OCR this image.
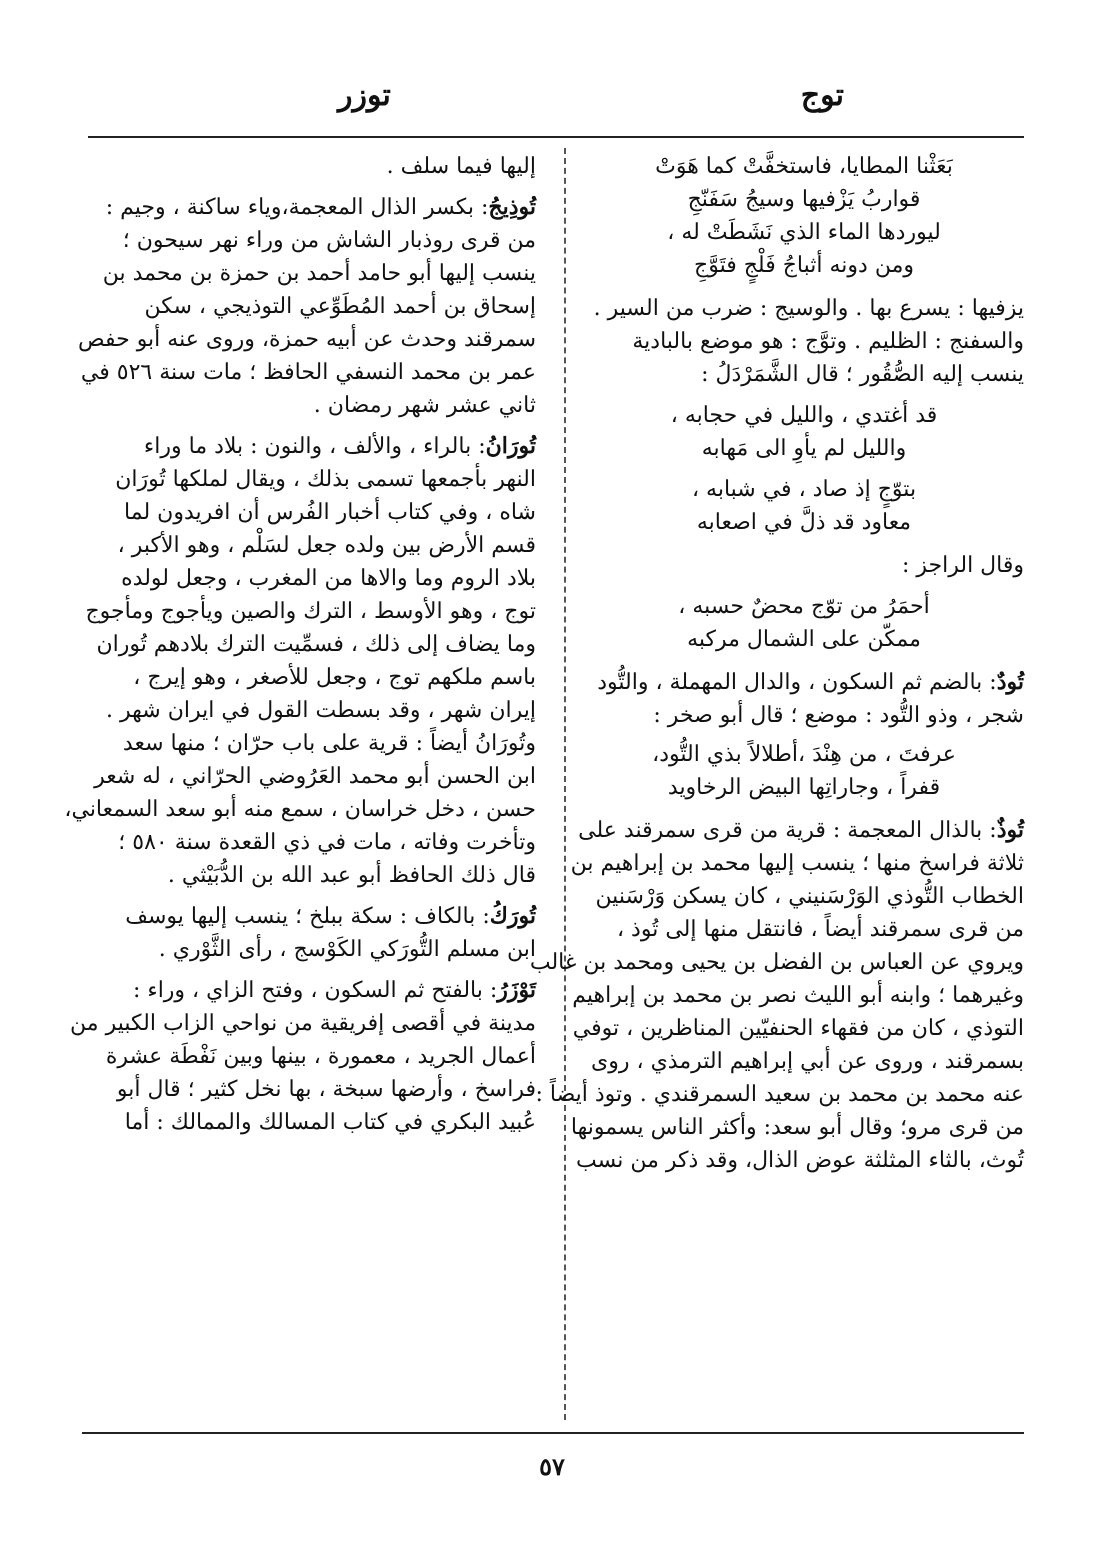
توج
توزر
بَعَثْنا المطايا، فاستخفَّتْ كما هَوَتْ
قواربُ يَزْفيها وسيجُ سَفَنّجِ
ليوردها الماء الذي نَشَطَتْ له ،
ومن دونه أثباجُ فَلْجٍ فتَوَّجِ
يزفيها : يسرع بها . والوسيج : ضرب من السير .
والسفنج : الظليم . وتوَّج : هو موضع بالبادية
ينسب إليه الصُّقُور ؛ قال الشَّمَرْدَلُ :
قد أغتدي ، والليل في حجابه ،
والليل لم يأوِ الى مَهابه
بتوّجٍ إذ صاد ، في شبابه ،
معاود قد ذلَّ في اصعابه
وقال الراجز :
أحمَرُ من توّج محضٌ حسبه ،
ممكّن على الشمال مركبه
تُودٌ: بالضم ثم السكون ، والدال المهملة ، والتُّود
شجر ، وذو التُّود : موضع ؛ قال أبو صخر :
عرفتَ ، من هِنْدَ ،أطلالاً بذي التُّود،
قفراً ، وجاراتِها البيض الرخاويد
تُوذٌ: بالذال المعجمة : قرية من قرى سمرقند على
ثلاثة فراسخ منها ؛ ينسب إليها محمد بن إبراهيم بن
الخطاب التُّوذي الوَرْسَنيني ، كان يسكن وَرْسَنين
من قرى سمرقند أيضاً ، فانتقل منها إلى تُوذ ،
ويروي عن العباس بن الفضل بن يحيى ومحمد بن غالب
وغيرهما ؛ وابنه أبو الليث نصر بن محمد بن إبراهيم
التوذي ، كان من فقهاء الحنفيّين المناظرين ، توفي
بسمرقند ، وروى عن أبي إبراهيم الترمذي ، روى
عنه محمد بن محمد بن سعيد السمرقندي . وتوذ أيضاً :
من قرى مرو؛ وقال أبو سعد: وأكثر الناس يسمونها
تُوث، بالثاء المثلثة عوض الذال، وقد ذكر من نسب
إليها فيما سلف .
تُوذِيجُ: بكسر الذال المعجمة،وياء ساكنة ، وجيم :
من قرى روذبار الشاش من وراء نهر سيحون ؛
ينسب إليها أبو حامد أحمد بن حمزة بن محمد بن
إسحاق بن أحمد المُطَوِّعي التوذيجي ، سكن
سمرقند وحدث عن أبيه حمزة، وروى عنه أبو حفص
عمر بن محمد النسفي الحافظ ؛ مات سنة ٥٢٦ في
ثاني عشر شهر رمضان .
تُورَانُ: بالراء ، والألف ، والنون : بلاد ما وراء
النهر بأجمعها تسمى بذلك ، ويقال لملكها تُورَان
شاه ، وفي كتاب أخبار الفُرس أن افريدون لما
قسم الأرض بين ولده جعل لسَلْم ، وهو الأكبر ،
بلاد الروم وما والاها من المغرب ، وجعل لولده
توج ، وهو الأوسط ، الترك والصين ويأجوج ومأجوج
وما يضاف إلى ذلك ، فسمِّيت الترك بلادهم تُوران
باسم ملكهم توج ، وجعل للأصغر ، وهو إيرج ،
إيران شهر ، وقد بسطت القول في ايران شهر .
وتُورَانُ أيضاً : قرية على باب حرّان ؛ منها سعد
ابن الحسن أبو محمد العَرُوضي الحرّاني ، له شعر
حسن ، دخل خراسان ، سمع منه أبو سعد السمعاني،
وتأخرت وفاته ، مات في ذي القعدة سنة ٥٨٠ ؛
قال ذلك الحافظ أبو عبد الله بن الدُّبَيْثي .
تُورَكُ: بالكاف : سكة ببلخ ؛ ينسب إليها يوسف
ابن مسلم التُّورَكي الكَوْسج ، رأى الثَّوْري .
تَوْزَرُ: بالفتح ثم السكون ، وفتح الزاي ، وراء :
مدينة في أقصى إفريقية من نواحي الزاب الكبير من
أعمال الجريد ، معمورة ، بينها وبين نَفْطَة عشرة
فراسخ ، وأرضها سبخة ، بها نخل كثير ؛ قال أبو
عُبيد البكري في كتاب المسالك والممالك : أما
٥٧
